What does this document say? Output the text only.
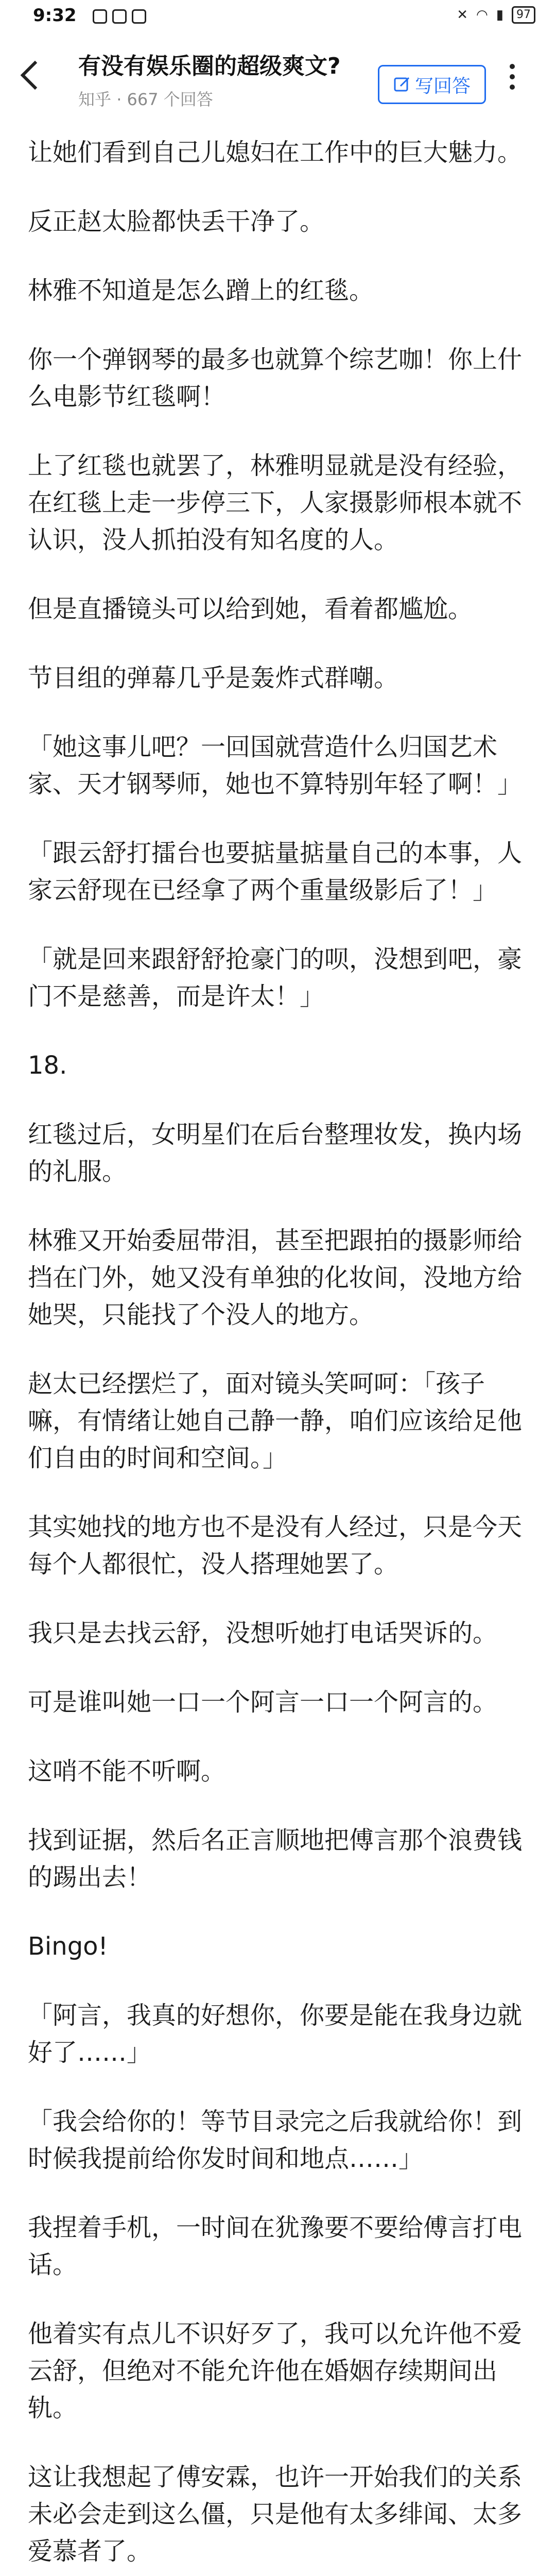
9:32	✕ ◠ ▮	97
有没有娱乐圈的超级爽文?
知乎 · 667 个回答
写回答

让她们看到自己儿媳妇在工作中的巨大魅力。

反正赵太脸都快丢干净了。

林雅不知道是怎么蹭上的红毯。

你一个弹钢琴的最多也就算个综艺咖！你上什么电影节红毯啊！

上了红毯也就罢了，林雅明显就是没有经验，在红毯上走一步停三下，人家摄影师根本就不认识，没人抓拍没有知名度的人。

但是直播镜头可以给到她，看着都尴尬。

节目组的弹幕几乎是轰炸式群嘲。

「她这事儿吧？一回国就营造什么归国艺术家、天才钢琴师，她也不算特别年轻了啊！」

「跟云舒打擂台也要掂量掂量自己的本事，人家云舒现在已经拿了两个重量级影后了！」

「就是回来跟舒舒抢豪门的呗，没想到吧，豪门不是慈善，而是许太！」

18.

红毯过后，女明星们在后台整理妆发，换内场的礼服。

林雅又开始委屈带泪，甚至把跟拍的摄影师给挡在门外，她又没有单独的化妆间，没地方给她哭，只能找了个没人的地方。

赵太已经摆烂了，面对镜头笑呵呵：「孩子嘛，有情绪让她自己静一静，咱们应该给足他们自由的时间和空间。」

其实她找的地方也不是没有人经过，只是今天每个人都很忙，没人搭理她罢了。

我只是去找云舒，没想听她打电话哭诉的。

可是谁叫她一口一个阿言一口一个阿言的。

这哨不能不听啊。

找到证据，然后名正言顺地把傅言那个浪费钱的踢出去！

Bingo!

「阿言，我真的好想你，你要是能在我身边就好了……」

「我会给你的！等节目录完之后我就给你！到时候我提前给你发时间和地点……」

我捏着手机，一时间在犹豫要不要给傅言打电话。

他着实有点儿不识好歹了，我可以允许他不爱云舒，但绝对不能允许他在婚姻存续期间出轨。

这让我想起了傅安霖，也许一开始我们的关系未必会走到这么僵，只是他有太多绯闻、太多爱慕者了。
